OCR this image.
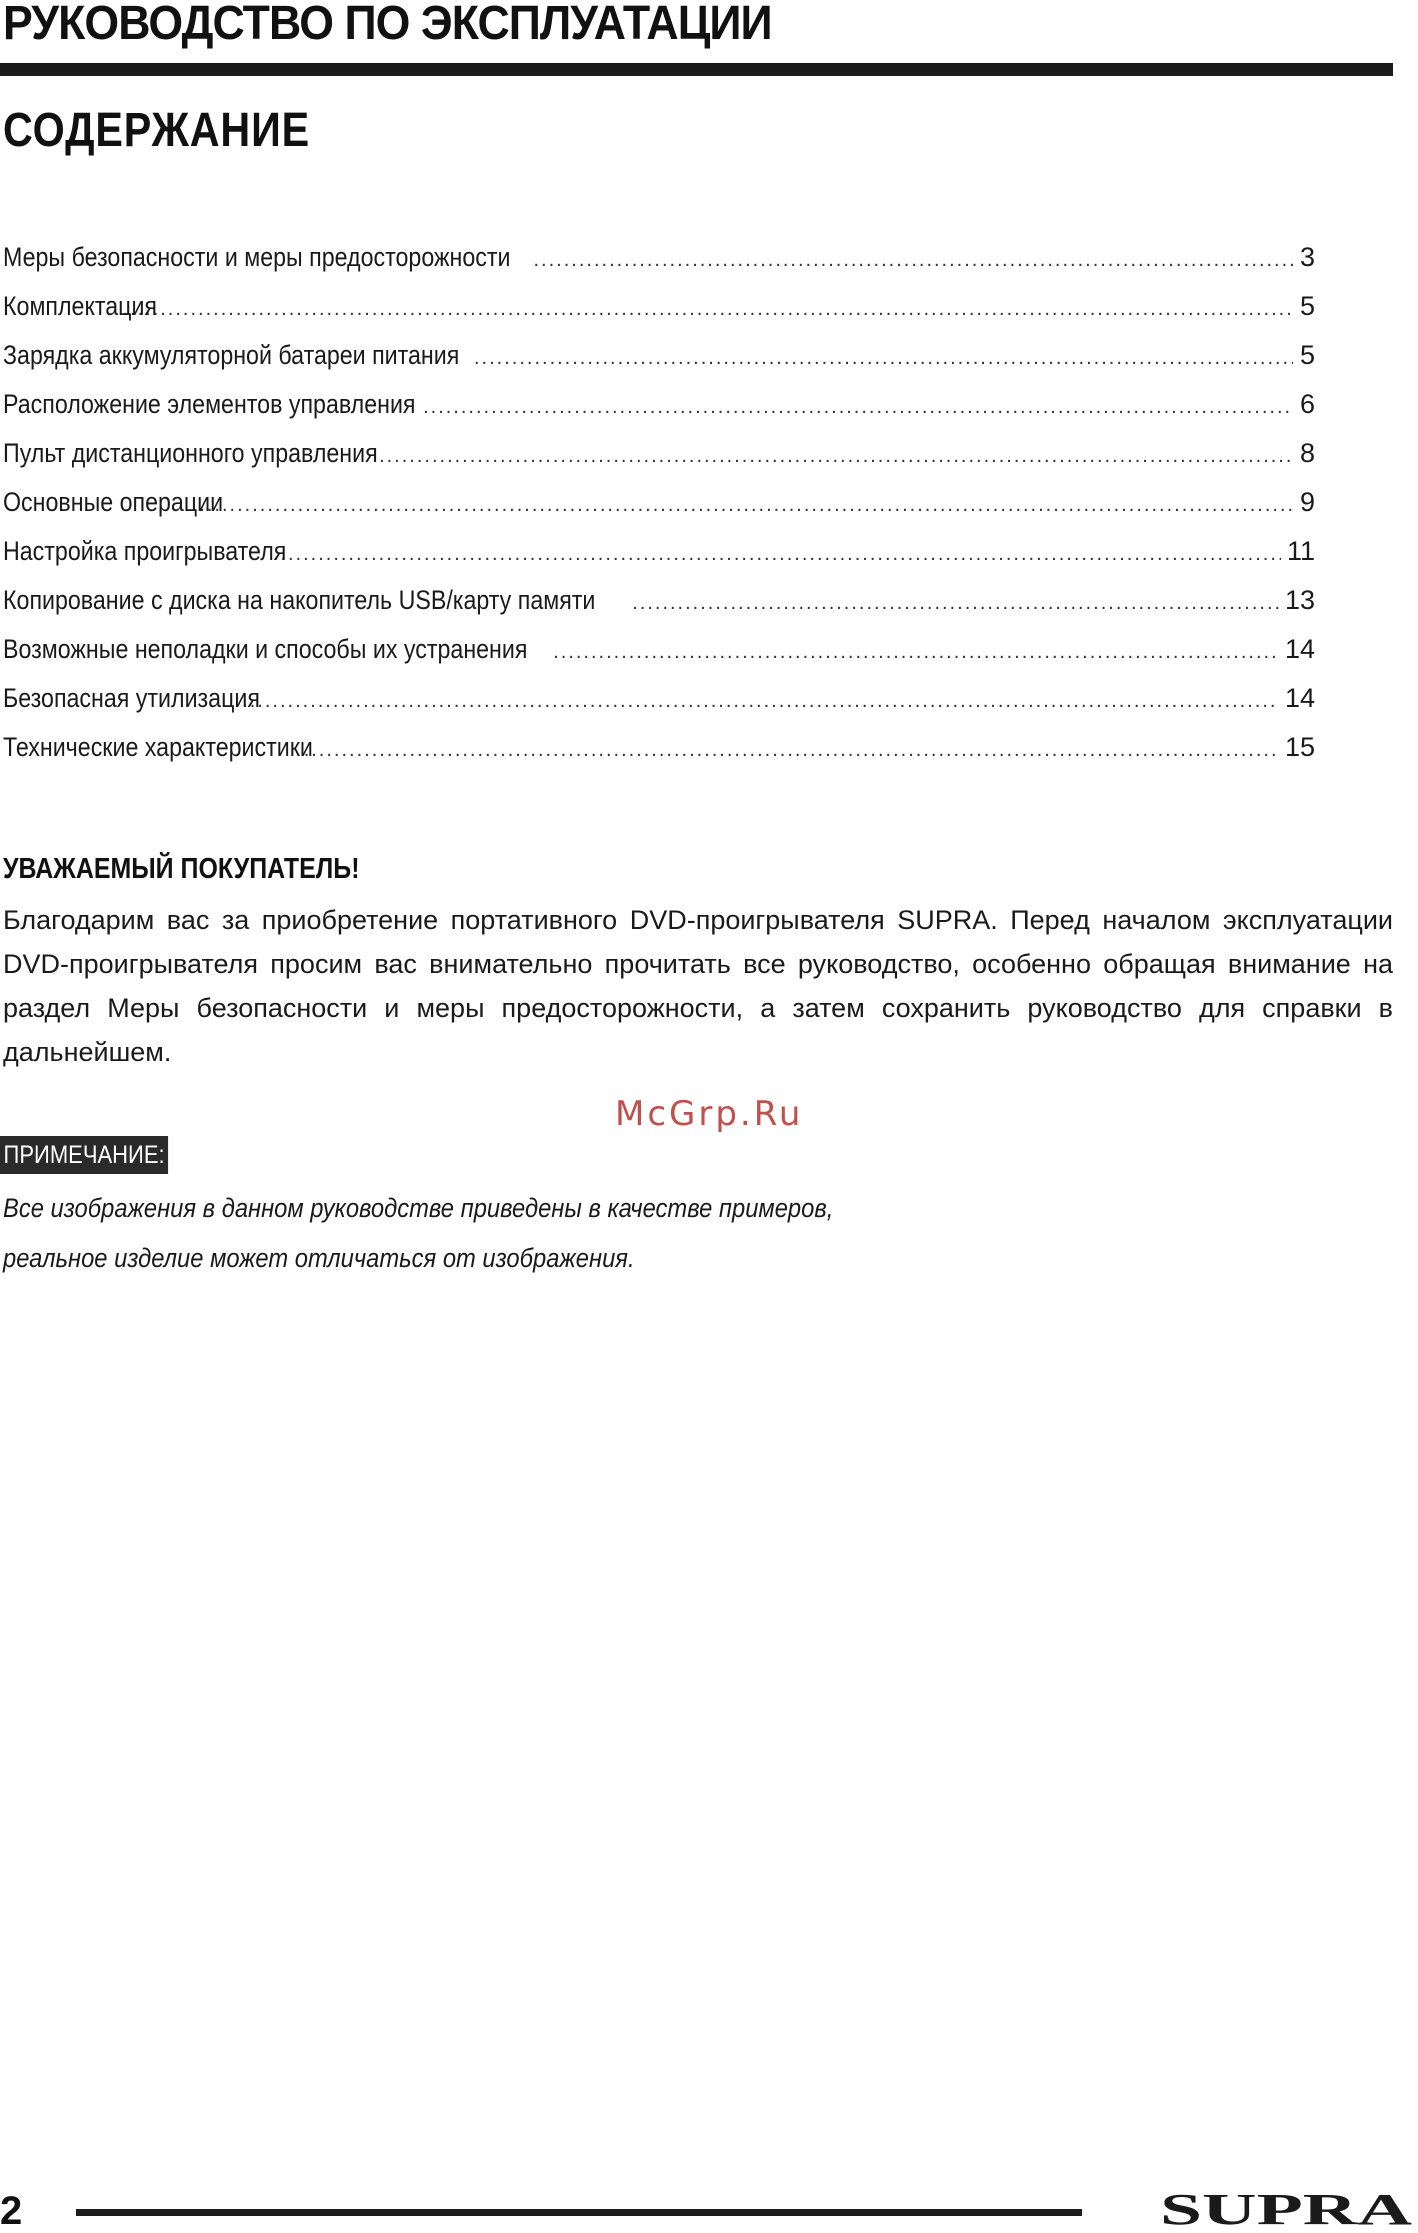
РУКОВОДСТВО ПО ЭКСПЛУАТАЦИИ
СОДЕРЖАНИЕ
Меры безопасности и меры предосторожности .....	3
Комплектация .....	5
Зарядка аккумуляторной батареи питания .....	5
Расположение элементов управления .....	6
Пульт дистанционного управления .....	8
Основные операции .....	9
Настройка проигрывателя .....	11
Копирование с диска на накопитель USB/карту памяти .....	13
Возможные неполадки и способы их устранения .....	14
Безопасная утилизация .....	14
Технические характеристики .....	15
УВАЖАЕМЫЙ ПОКУПАТЕЛЬ!

Благодарим вас за приобретение портативного DVD-проигрывателя SUPRA. Перед началом эксплуатации DVD-проигрывателя просим вас внимательно прочитать все руководство, особенно обращая внимание на раздел Меры безопасности и меры предосторожности, а затем сохранить руководство для справки в дальнейшем.

McGrp.Ru
ПРИМЕЧАНИЕ:

Все изображения в данном руководстве приведены в качестве примеров,
реальное изделие может отличаться от изображения.

2	SUPRA
